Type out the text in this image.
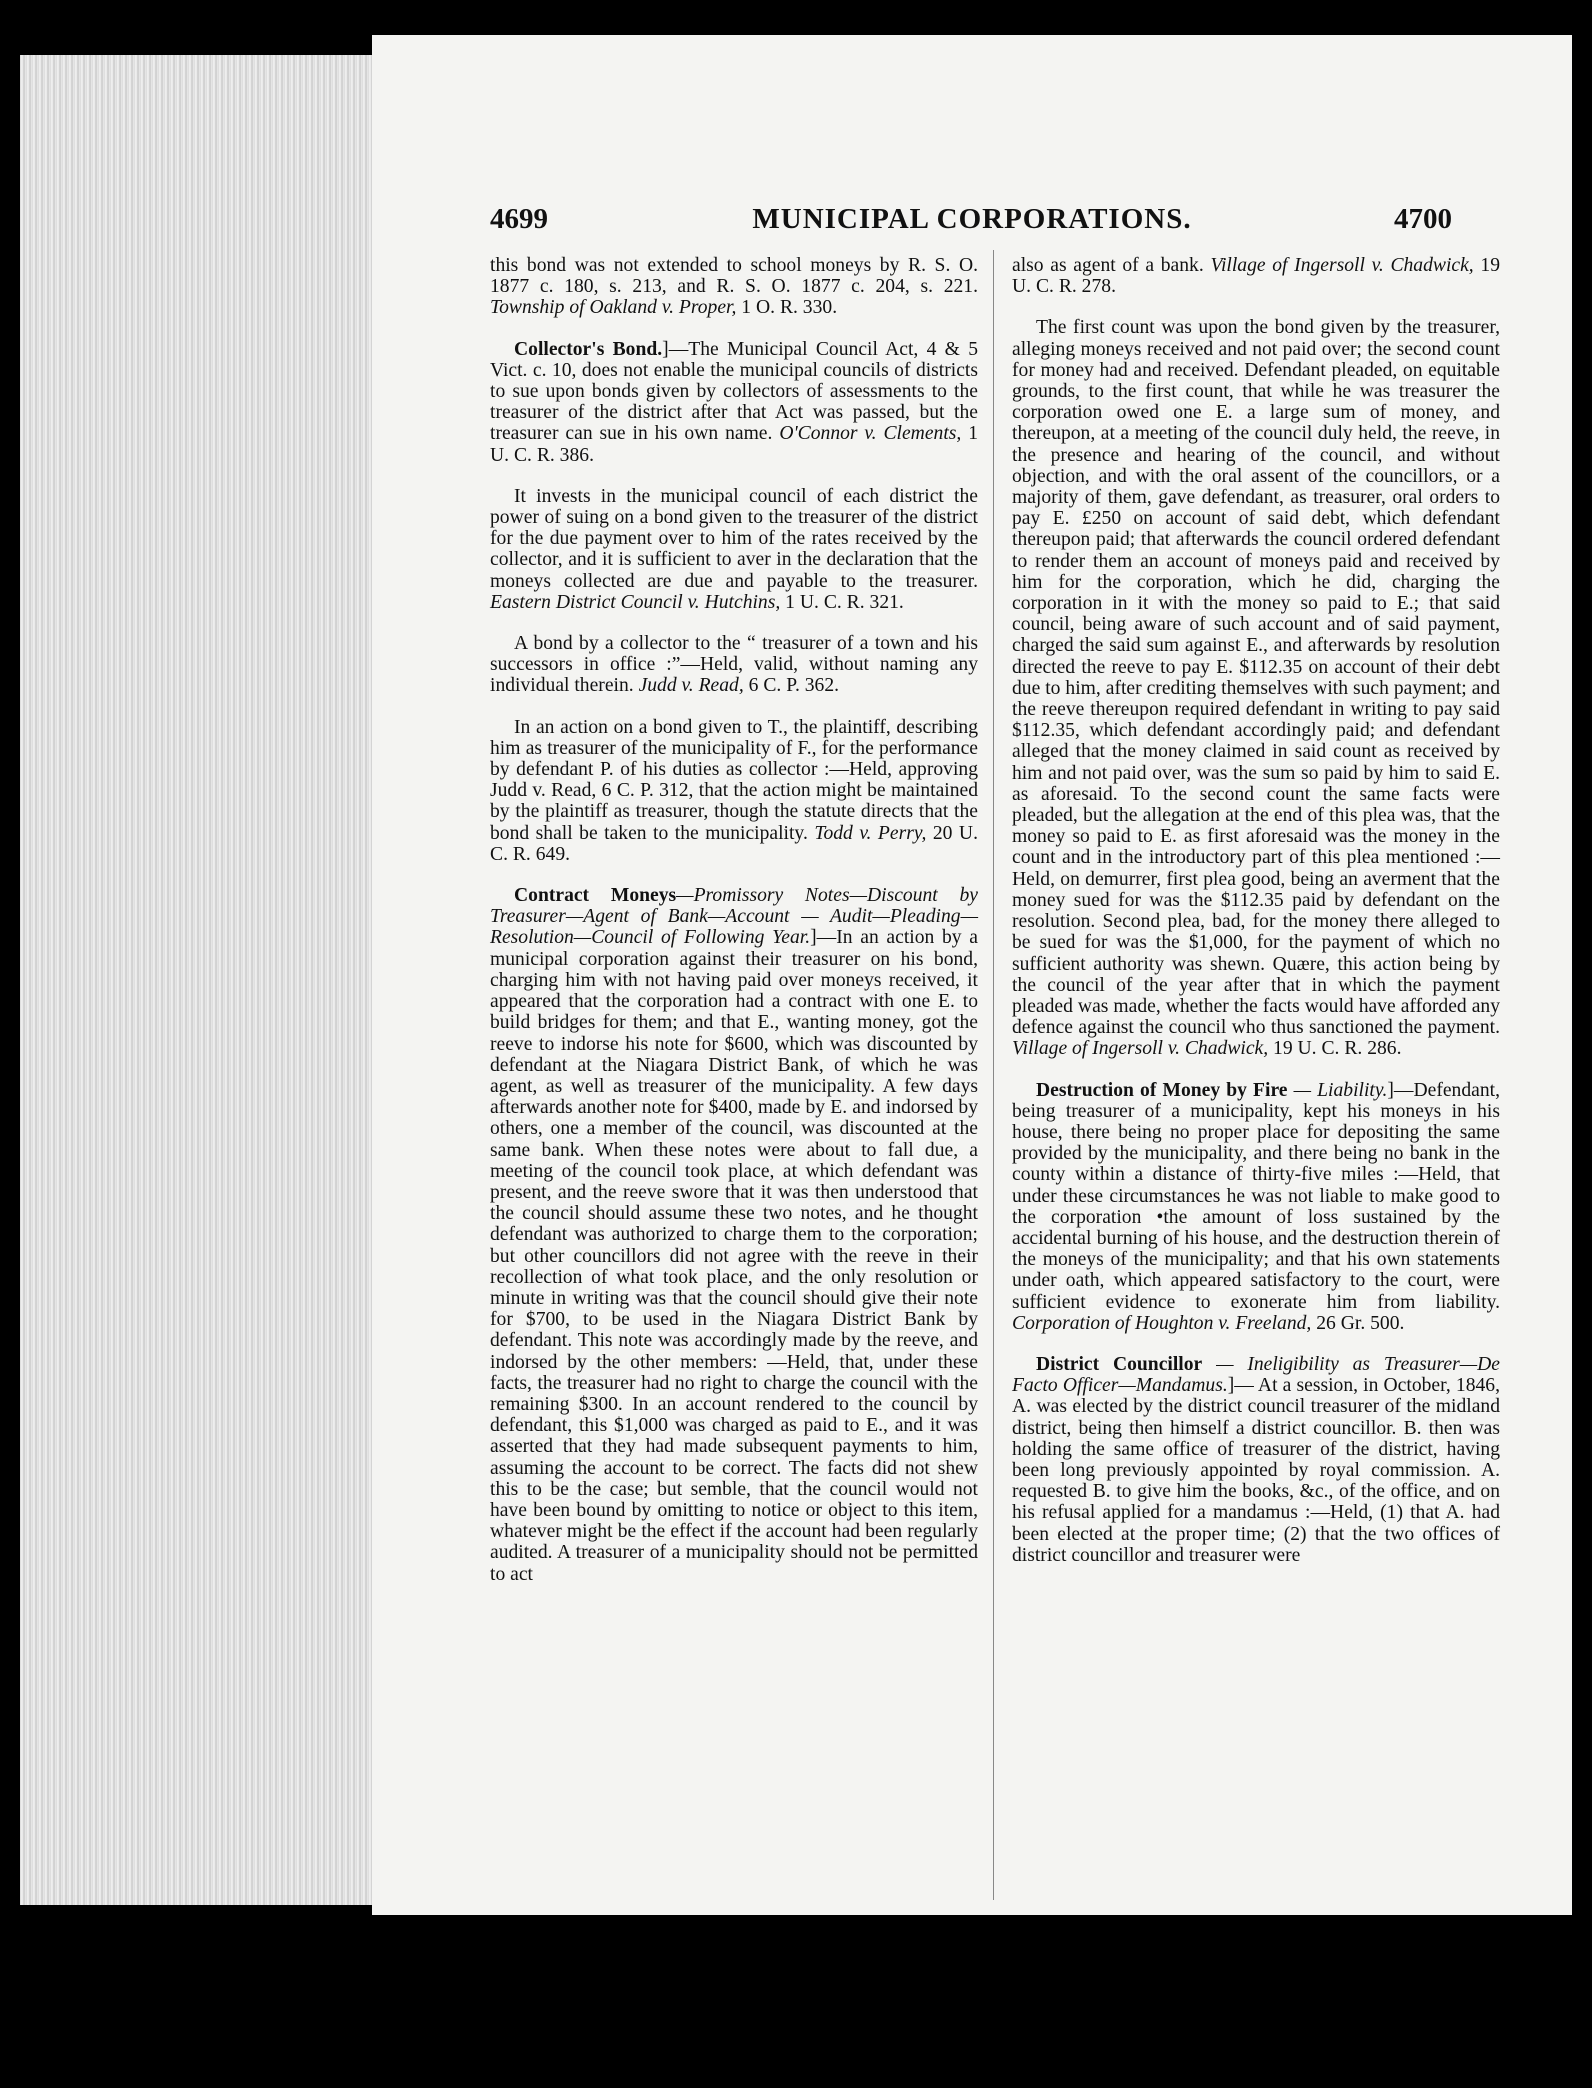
4699	MUNICIPAL CORPORATIONS.	4700

this bond was not extended to school moneys by R. S. O. 1877 c. 180, s. 213, and R. S. O. 1877 c. 204, s. 221. Township of Oakland v. Proper, 1 O. R. 330.

Collector's Bond.]—The Municipal Council Act, 4 & 5 Vict. c. 10, does not enable the municipal councils of districts to sue upon bonds given by collectors of assessments to the treasurer of the district after that Act was passed, but the treasurer can sue in his own name. O'Connor v. Clements, 1 U. C. R. 386.

It invests in the municipal council of each district the power of suing on a bond given to the treasurer of the district for the due payment over to him of the rates received by the collector, and it is sufficient to aver in the declaration that the moneys collected are due and payable to the treasurer. Eastern District Council v. Hutchins, 1 U. C. R. 321.

A bond by a collector to the “ treasurer of a town and his successors in office :”—Held, valid, without naming any individual therein. Judd v. Read, 6 C. P. 362.

In an action on a bond given to T., the plaintiff, describing him as treasurer of the municipality of F., for the performance by defendant P. of his duties as collector :—Held, approving Judd v. Read, 6 C. P. 312, that the action might be maintained by the plaintiff as treasurer, though the statute directs that the bond shall be taken to the municipality. Todd v. Perry, 20 U. C. R. 649.

Contract Moneys—Promissory Notes—Discount by Treasurer—Agent of Bank—Account — Audit—Pleading—Resolution—Council of Following Year.]—In an action by a municipal corporation against their treasurer on his bond, charging him with not having paid over moneys received, it appeared that the corporation had a contract with one E. to build bridges for them; and that E., wanting money, got the reeve to indorse his note for $600, which was discounted by defendant at the Niagara District Bank, of which he was agent, as well as treasurer of the municipality. A few days afterwards another note for $400, made by E. and indorsed by others, one a member of the council, was discounted at the same bank. When these notes were about to fall due, a meeting of the council took place, at which defendant was present, and the reeve swore that it was then understood that the council should assume these two notes, and he thought defendant was authorized to charge them to the corporation; but other councillors did not agree with the reeve in their recollection of what took place, and the only resolution or minute in writing was that the council should give their note for $700, to be used in the Niagara District Bank by defendant. This note was accordingly made by the reeve, and indorsed by the other members: —Held, that, under these facts, the treasurer had no right to charge the council with the remaining $300. In an account rendered to the council by defendant, this $1,000 was charged as paid to E., and it was asserted that they had made subsequent payments to him, assuming the account to be correct. The facts did not shew this to be the case; but semble, that the council would not have been bound by omitting to notice or object to this item, whatever might be the effect if the account had been regularly audited. A treasurer of a municipality should not be permitted to act

also as agent of a bank. Village of Ingersoll v. Chadwick, 19 U. C. R. 278.

The first count was upon the bond given by the treasurer, alleging moneys received and not paid over; the second count for money had and received. Defendant pleaded, on equitable grounds, to the first count, that while he was treasurer the corporation owed one E. a large sum of money, and thereupon, at a meeting of the council duly held, the reeve, in the presence and hearing of the council, and without objection, and with the oral assent of the councillors, or a majority of them, gave defendant, as treasurer, oral orders to pay E. £250 on account of said debt, which defendant thereupon paid; that afterwards the council ordered defendant to render them an account of moneys paid and received by him for the corporation, which he did, charging the corporation in it with the money so paid to E.; that said council, being aware of such account and of said payment, charged the said sum against E., and afterwards by resolution directed the reeve to pay E. $112.35 on account of their debt due to him, after crediting themselves with such payment; and the reeve thereupon required defendant in writing to pay said $112.35, which defendant accordingly paid; and defendant alleged that the money claimed in said count as received by him and not paid over, was the sum so paid by him to said E. as aforesaid. To the second count the same facts were pleaded, but the allegation at the end of this plea was, that the money so paid to E. as first aforesaid was the money in the count and in the introductory part of this plea mentioned :—Held, on demurrer, first plea good, being an averment that the money sued for was the $112.35 paid by defendant on the resolution. Second plea, bad, for the money there alleged to be sued for was the $1,000, for the payment of which no sufficient authority was shewn. Quære, this action being by the council of the year after that in which the payment pleaded was made, whether the facts would have afforded any defence against the council who thus sanctioned the payment. Village of Ingersoll v. Chadwick, 19 U. C. R. 286.

Destruction of Money by Fire — Liability.]—Defendant, being treasurer of a municipality, kept his moneys in his house, there being no proper place for depositing the same provided by the municipality, and there being no bank in the county within a distance of thirty-five miles :—Held, that under these circumstances he was not liable to make good to the corporation •the amount of loss sustained by the accidental burning of his house, and the destruction therein of the moneys of the municipality; and that his own statements under oath, which appeared satisfactory to the court, were sufficient evidence to exonerate him from liability. Corporation of Houghton v. Freeland, 26 Gr. 500.

District Councillor — Ineligibility as Treasurer—De Facto Officer—Mandamus.]— At a session, in October, 1846, A. was elected by the district council treasurer of the midland district, being then himself a district councillor. B. then was holding the same office of treasurer of the district, having been long previously appointed by royal commission. A. requested B. to give him the books, &c., of the office, and on his refusal applied for a mandamus :—Held, (1) that A. had been elected at the proper time; (2) that the two offices of district councillor and treasurer were
